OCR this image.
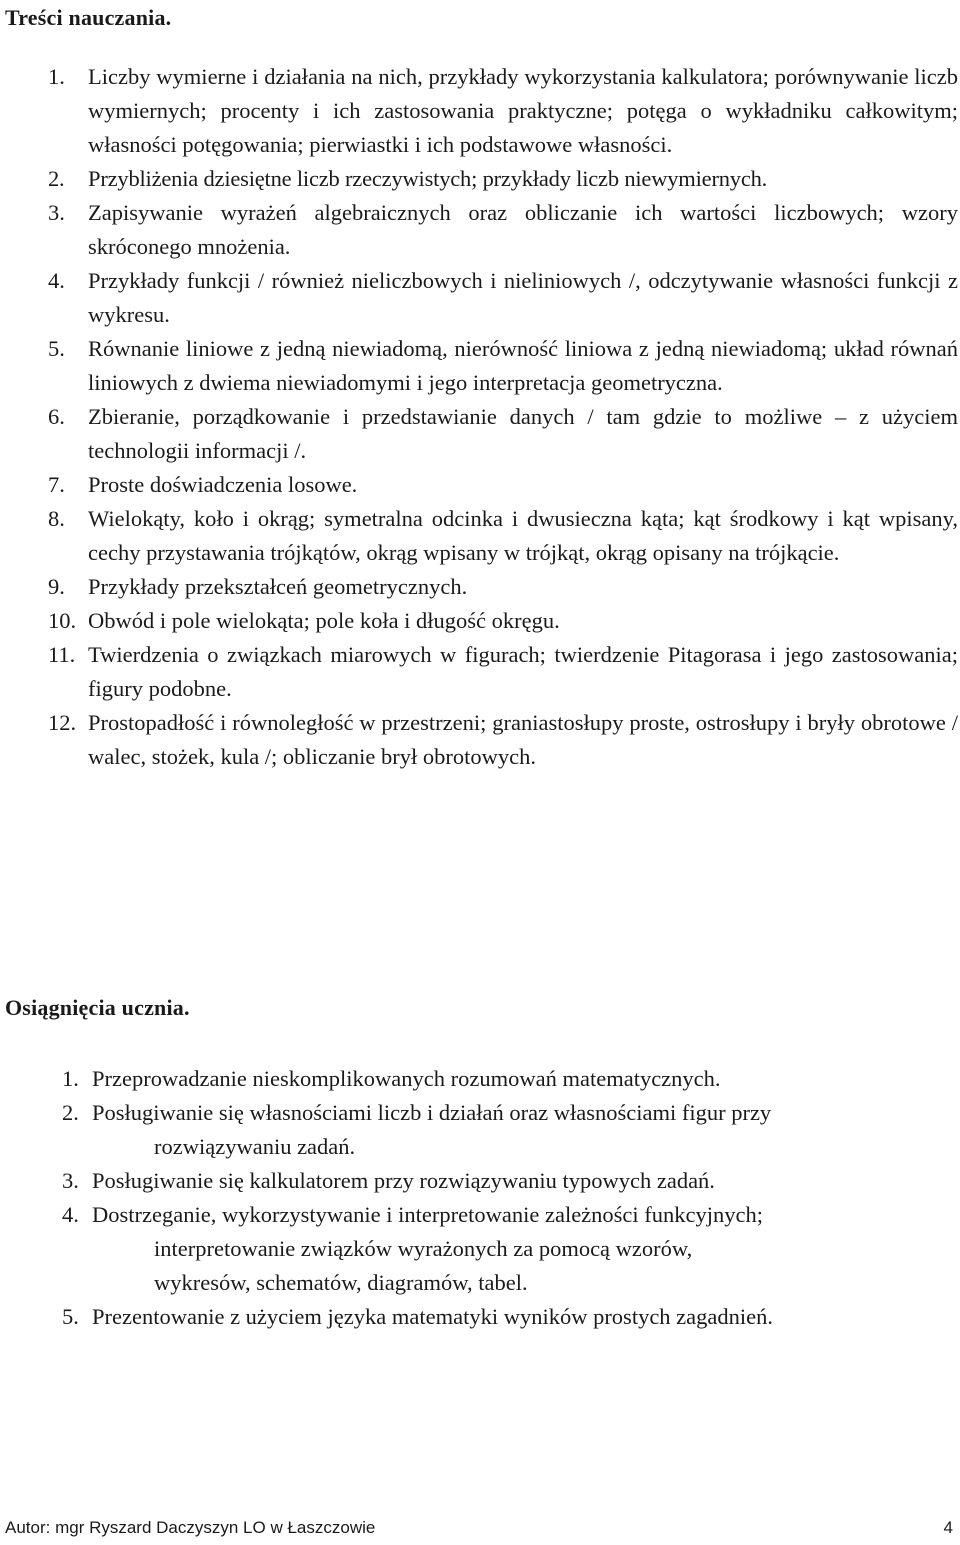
Treści nauczania.
1.	Liczby wymierne i działania na nich, przykłady wykorzystania kalkulatora; porównywanie liczb wymiernych; procenty i ich zastosowania praktyczne; potęga o wykładniku całkowitym; własności potęgowania; pierwiastki i ich podstawowe własności.
2.	Przybliżenia dziesiętne liczb rzeczywistych; przykłady liczb niewymiernych.
3.	Zapisywanie wyrażeń algebraicznych oraz obliczanie ich wartości liczbowych; wzory skróconego mnożenia.
4.	Przykłady funkcji / również nieliczbowych i nieliniowych /, odczytywanie własności funkcji z wykresu.
5.	Równanie liniowe z jedną niewiadomą, nierówność liniowa z jedną niewiadomą; układ równań liniowych z dwiema niewiadomymi i jego interpretacja geometryczna.
6.	Zbieranie, porządkowanie i przedstawianie danych / tam gdzie to możliwe – z użyciem technologii informacji /.
7.	Proste doświadczenia losowe.
8.	Wielokąty, koło i okrąg; symetralna odcinka i dwusieczna kąta; kąt środkowy i kąt wpisany, cechy przystawania trójkątów, okrąg wpisany w trójkąt, okrąg opisany na trójkącie.
9.	Przykłady przekształceń geometrycznych.
10. Obwód i pole wielokąta; pole koła i długość okręgu.
11. Twierdzenia o związkach miarowych w figurach; twierdzenie Pitagorasa i jego zastosowania; figury podobne.
12. Prostopadłość i równoległość w przestrzeni; graniastosłupy proste, ostrosłupy i bryły obrotowe / walec, stożek, kula /; obliczanie brył obrotowych.
Osiągnięcia ucznia.
1. Przeprowadzanie nieskomplikowanych rozumowań matematycznych.
2. Posługiwanie się własnościami liczb i działań oraz własnościami figur przy
rozwiązywaniu zadań.
3. Posługiwanie się kalkulatorem przy rozwiązywaniu typowych zadań.
4. Dostrzeganie, wykorzystywanie i interpretowanie zależności funkcyjnych;
interpretowanie związków wyrażonych za pomocą wzorów,
wykresów, schematów, diagramów, tabel.
5. Prezentowanie z użyciem języka matematyki wyników prostych zagadnień.
Autor: mgr Ryszard Daczyszyn LO w Łaszczowie	4
